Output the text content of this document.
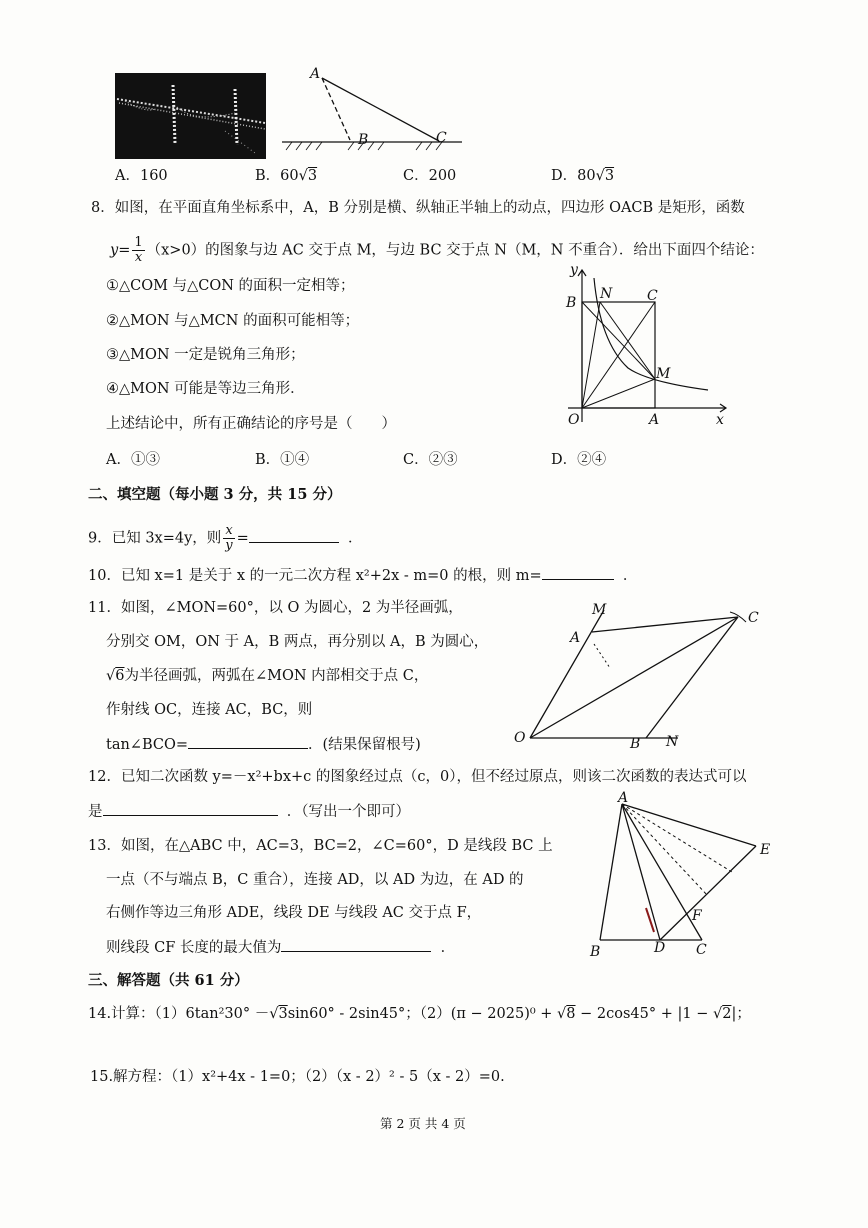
A
B	C
A．160	B．60√3	C．200	D．80√3
8．如图，在平面直角坐标系中，A，B 分别是横、纵轴正半轴上的动点，四边形 OACB 是矩形，函数
$y= \frac{1}{x} (x>0)$的图象与边 AC 交于点 M，与边 BC 交于点 N（M，N 不重合）．给出下面四个结论：
①△COM 与△CON 的面积一定相等；
②△MON 与△MCN 的面积可能相等；
③△MON 一定是锐角三角形；
④△MON 可能是等边三角形．
上述结论中，所有正确结论的序号是（　　）
y
x
B
N C
M
O	A
A．①③	B．①④	C．②③	D．②④
二、填空题（每小题 3 分，共 15 分）
9．已知 3x=4y，则 $\frac{x}{y}$ =	．
10．已知 x=1 是关于 x 的一元二次方程 x²+2x - m=0 的根，则 m=	．
11．如图，∠MON=60°，以 O 为圆心，2 为半径画弧，
分别交 OM，ON 于 A，B 两点，再分别以 A，B 为圆心，
√6为半径画弧，两弧在∠MON 内部相交于点 C，
作射线 OC，连接 AC，BC，则
tan∠BCO=	．(结果保留根号)
M
A
C
O	B N
12．已知二次函数 y=－x²+bx+c 的图象经过点（c，0），但不经过原点，则该二次函数的表达式可以
是	．（写出一个即可）
13．如图，在△ABC 中，AC=3，BC=2，∠C=60°，D 是线段 BC 上
一点（不与端点 B，C 重合），连接 AD，以 AD 为边，在 AD 的
右侧作等边三角形 ADE，线段 DE 与线段 AC 交于点 F，
则线段 CF 长度的最大值为	．
A
E
F
B	D C
三、解答题（共 61 分）
14.计算：（1）6tan²30° －√3sin60° - 2sin45°；（2）(π − 2025)⁰ + √8 − 2cos45° + |1 − √2|；
15.解方程：（1）x²+4x - 1=0；（2）（x - 2）² - 5（x - 2）=0.
第 2 页 共 4 页
